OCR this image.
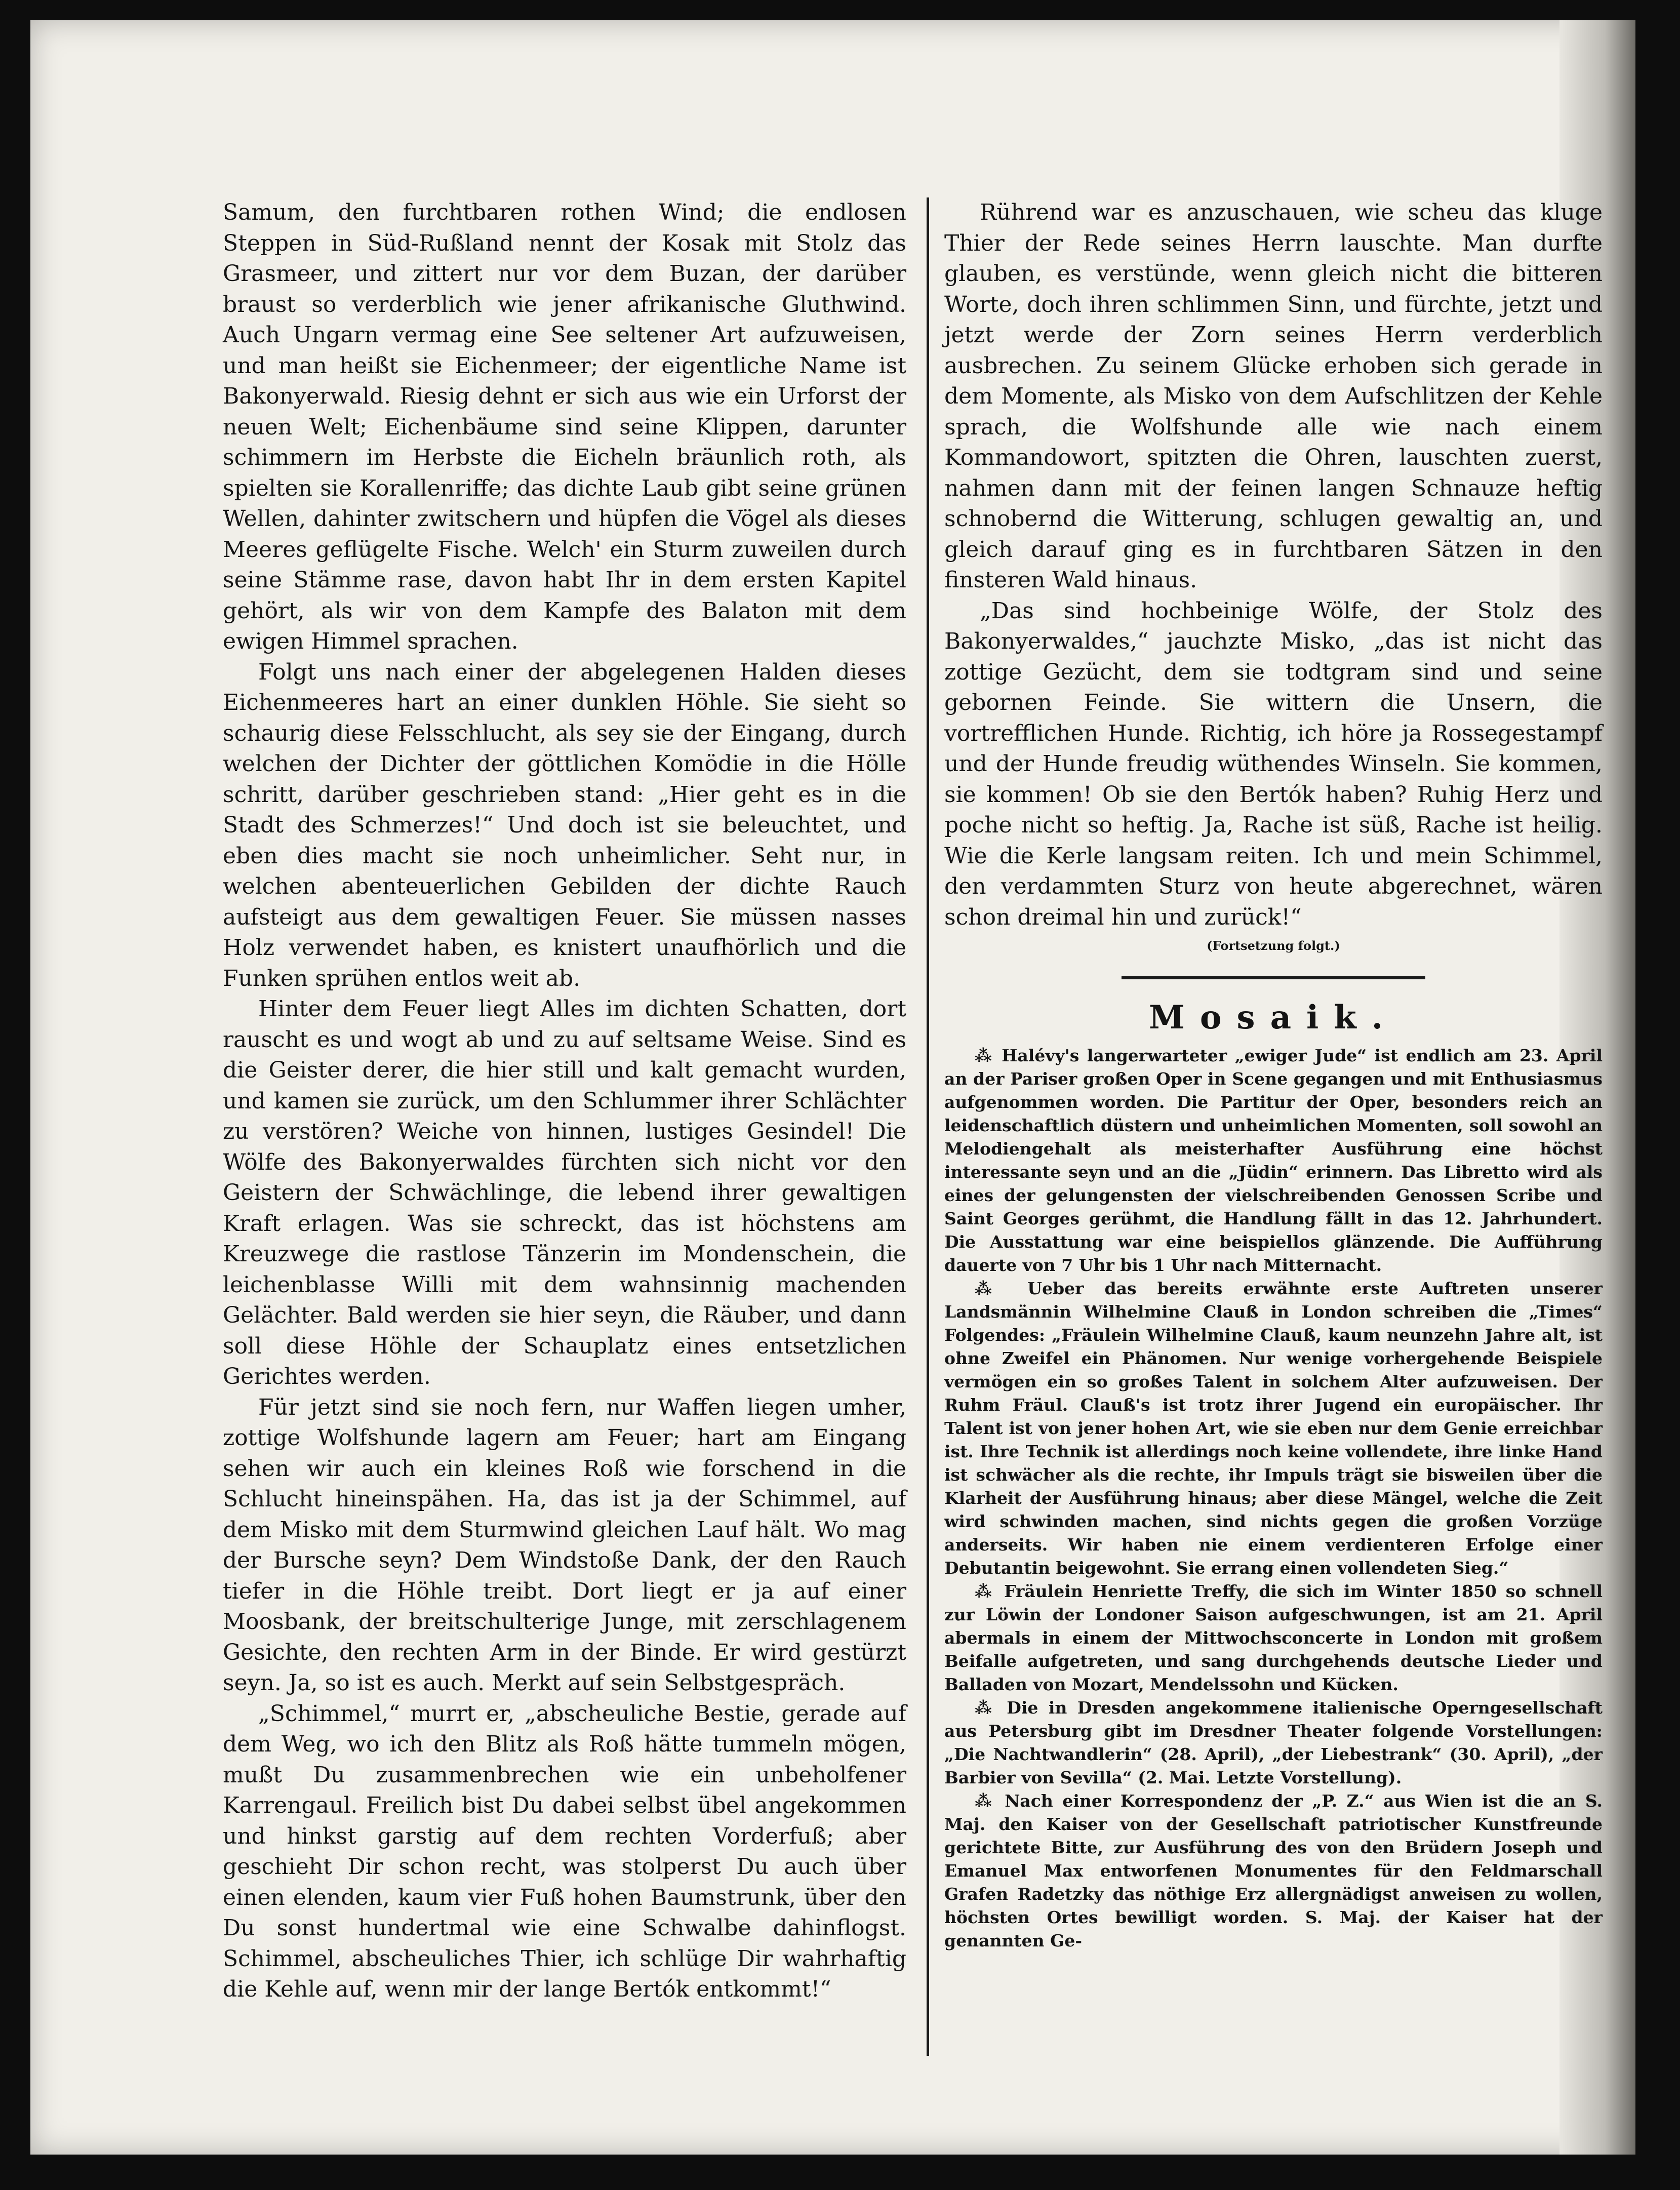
Samum, den furchtbaren rothen Wind; die endlosen Steppen in Süd-Rußland nennt der Kosak mit Stolz das Grasmeer, und zittert nur vor dem Buzan, der darüber braust so verderblich wie jener afrikanische Gluthwind. Auch Ungarn vermag eine See seltener Art aufzuweisen, und man heißt sie Eichenmeer; der eigentliche Name ist Bakonyerwald. Riesig dehnt er sich aus wie ein Urforst der neuen Welt; Eichenbäume sind seine Klippen, darunter schimmern im Herbste die Eicheln bräunlich roth, als spielten sie Korallenriffe; das dichte Laub gibt seine grünen Wellen, dahinter zwitschern und hüpfen die Vögel als dieses Meeres geflügelte Fische. Welch' ein Sturm zuweilen durch seine Stämme rase, davon habt Ihr in dem ersten Kapitel gehört, als wir von dem Kampfe des Balaton mit dem ewigen Himmel sprachen.

Folgt uns nach einer der abgelegenen Halden dieses Eichenmeeres hart an einer dunklen Höhle. Sie sieht so schaurig diese Felsschlucht, als sey sie der Eingang, durch welchen der Dichter der göttlichen Komödie in die Hölle schritt, darüber geschrieben stand: „Hier geht es in die Stadt des Schmerzes!“ Und doch ist sie beleuchtet, und eben dies macht sie noch unheimlicher. Seht nur, in welchen abenteuerlichen Gebilden der dichte Rauch aufsteigt aus dem gewaltigen Feuer. Sie müssen nasses Holz verwendet haben, es knistert unaufhörlich und die Funken sprühen entlos weit ab.

Hinter dem Feuer liegt Alles im dichten Schatten, dort rauscht es und wogt ab und zu auf seltsame Weise. Sind es die Geister derer, die hier still und kalt gemacht wurden, und kamen sie zurück, um den Schlummer ihrer Schlächter zu verstören? Weiche von hinnen, lustiges Gesindel! Die Wölfe des Bakonyerwaldes fürchten sich nicht vor den Geistern der Schwächlinge, die lebend ihrer gewaltigen Kraft erlagen. Was sie schreckt, das ist höchstens am Kreuzwege die rastlose Tänzerin im Mondenschein, die leichenblasse Willi mit dem wahnsinnig machenden Gelächter. Bald werden sie hier seyn, die Räuber, und dann soll diese Höhle der Schauplatz eines entsetzlichen Gerichtes werden.

Für jetzt sind sie noch fern, nur Waffen liegen umher, zottige Wolfshunde lagern am Feuer; hart am Eingang sehen wir auch ein kleines Roß wie forschend in die Schlucht hineinspähen. Ha, das ist ja der Schimmel, auf dem Misko mit dem Sturmwind gleichen Lauf hält. Wo mag der Bursche seyn? Dem Windstoße Dank, der den Rauch tiefer in die Höhle treibt. Dort liegt er ja auf einer Moosbank, der breitschulterige Junge, mit zerschlagenem Gesichte, den rechten Arm in der Binde. Er wird gestürzt seyn. Ja, so ist es auch. Merkt auf sein Selbstgespräch.

„Schimmel,“ murrt er, „abscheuliche Bestie, gerade auf dem Weg, wo ich den Blitz als Roß hätte tummeln mögen, mußt Du zusammenbrechen wie ein unbeholfener Karrengaul. Freilich bist Du dabei selbst übel angekommen und hinkst garstig auf dem rechten Vorderfuß; aber geschieht Dir schon recht, was stolperst Du auch über einen elenden, kaum vier Fuß hohen Baumstrunk, über den Du sonst hundertmal wie eine Schwalbe dahinflogst. Schimmel, abscheuliches Thier, ich schlüge Dir wahrhaftig die Kehle auf, wenn mir der lange Bertók entkommt!“

Rührend war es anzuschauen, wie scheu das kluge Thier der Rede seines Herrn lauschte. Man durfte glauben, es verstünde, wenn gleich nicht die bitteren Worte, doch ihren schlimmen Sinn, und fürchte, jetzt und jetzt werde der Zorn seines Herrn verderblich ausbrechen. Zu seinem Glücke erhoben sich gerade in dem Momente, als Misko von dem Aufschlitzen der Kehle sprach, die Wolfshunde alle wie nach einem Kommandowort, spitzten die Ohren, lauschten zuerst, nahmen dann mit der feinen langen Schnauze heftig schnobernd die Witterung, schlugen gewaltig an, und gleich darauf ging es in furchtbaren Sätzen in den finsteren Wald hinaus.

„Das sind hochbeinige Wölfe, der Stolz des Bakonyerwaldes,“ jauchzte Misko, „das ist nicht das zottige Gezücht, dem sie todtgram sind und seine gebornen Feinde. Sie wittern die Unsern, die vortrefflichen Hunde. Richtig, ich höre ja Rossegestampf und der Hunde freudig wüthendes Winseln. Sie kommen, sie kommen! Ob sie den Bertók haben? Ruhig Herz und poche nicht so heftig. Ja, Rache ist süß, Rache ist heilig. Wie die Kerle langsam reiten. Ich und mein Schimmel, den verdammten Sturz von heute abgerechnet, wären schon dreimal hin und zurück!“

(Fortsetzung folgt.)
Mosaik.

⁂ Halévy's langerwarteter „ewiger Jude“ ist endlich am 23. April an der Pariser großen Oper in Scene gegangen und mit Enthusiasmus aufgenommen worden. Die Partitur der Oper, besonders reich an leidenschaftlich düstern und unheimlichen Momenten, soll sowohl an Melodiengehalt als meisterhafter Ausführung eine höchst interessante seyn und an die „Jüdin“ erinnern. Das Libretto wird als eines der gelungensten der vielschreibenden Genossen Scribe und Saint Georges gerühmt, die Handlung fällt in das 12. Jahrhundert. Die Ausstattung war eine beispiellos glänzende. Die Aufführung dauerte von 7 Uhr bis 1 Uhr nach Mitternacht.

⁂ Ueber das bereits erwähnte erste Auftreten unserer Landsmännin Wilhelmine Clauß in London schreiben die „Times“ Folgendes: „Fräulein Wilhelmine Clauß, kaum neunzehn Jahre alt, ist ohne Zweifel ein Phänomen. Nur wenige vorhergehende Beispiele vermögen ein so großes Talent in solchem Alter aufzuweisen. Der Ruhm Fräul. Clauß's ist trotz ihrer Jugend ein europäischer. Ihr Talent ist von jener hohen Art, wie sie eben nur dem Genie erreichbar ist. Ihre Technik ist allerdings noch keine vollendete, ihre linke Hand ist schwächer als die rechte, ihr Impuls trägt sie bisweilen über die Klarheit der Ausführung hinaus; aber diese Mängel, welche die Zeit wird schwinden machen, sind nichts gegen die großen Vorzüge anderseits. Wir haben nie einem verdienteren Erfolge einer Debutantin beigewohnt. Sie errang einen vollendeten Sieg.“

⁂ Fräulein Henriette Treffy, die sich im Winter 1850 so schnell zur Löwin der Londoner Saison aufgeschwungen, ist am 21. April abermals in einem der Mittwochsconcerte in London mit großem Beifalle aufgetreten, und sang durchgehends deutsche Lieder und Balladen von Mozart, Mendelssohn und Kücken.

⁂ Die in Dresden angekommene italienische Operngesellschaft aus Petersburg gibt im Dresdner Theater folgende Vorstellungen: „Die Nachtwandlerin“ (28. April), „der Liebestrank“ (30. April), „der Barbier von Sevilla“ (2. Mai. Letzte Vorstellung).

⁂ Nach einer Korrespondenz der „P. Z.“ aus Wien ist die an S. Maj. den Kaiser von der Gesellschaft patriotischer Kunstfreunde gerichtete Bitte, zur Ausführung des von den Brüdern Joseph und Emanuel Max entworfenen Monumentes für den Feldmarschall Grafen Radetzky das nöthige Erz allergnädigst anweisen zu wollen, höchsten Ortes bewilligt worden. S. Maj. der Kaiser hat der genannten Ge-
